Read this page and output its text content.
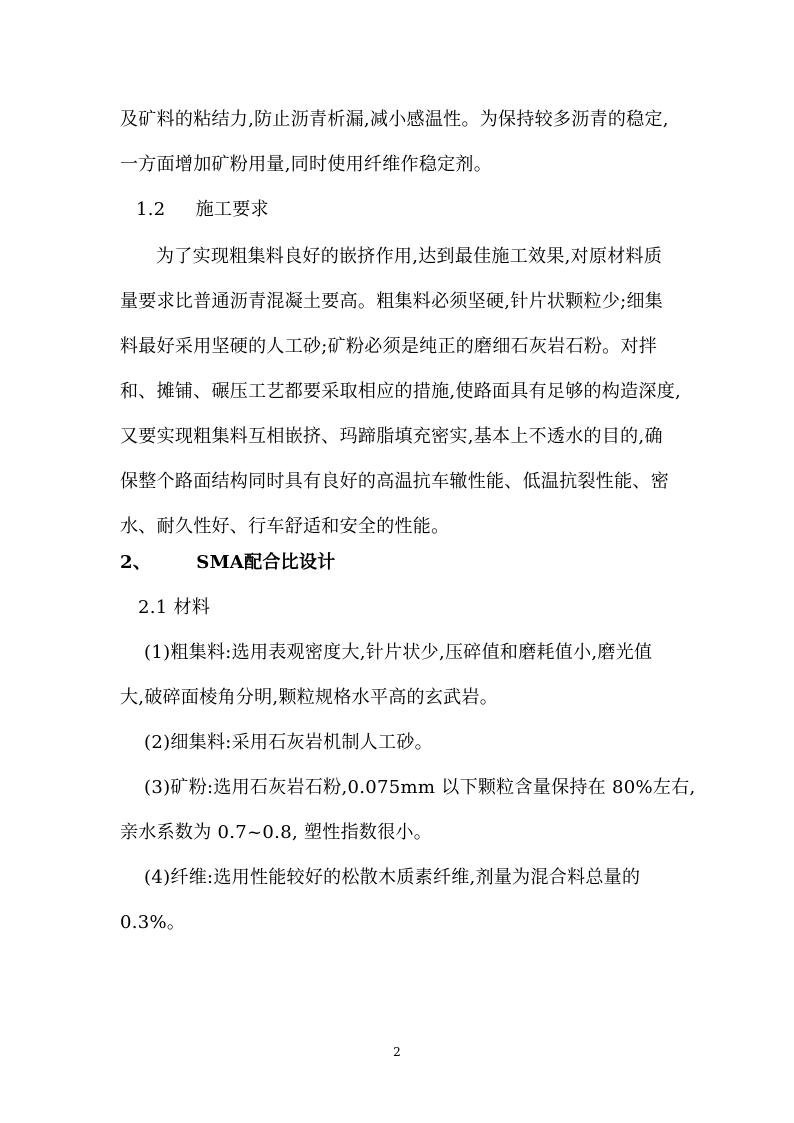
及矿料的粘结力,防止沥青析漏,减小感温性。为保持较多沥青的稳定,
一方面增加矿粉用量,同时使用纤维作稳定剂。
1.2 施工要求
为了实现粗集料良好的嵌挤作用,达到最佳施工效果,对原材料质
量要求比普通沥青混凝土要高。粗集料必须坚硬,针片状颗粒少;细集
料最好采用坚硬的人工砂;矿粉必须是纯正的磨细石灰岩石粉。对拌
和、摊铺、碾压工艺都要采取相应的措施,使路面具有足够的构造深度,
又要实现粗集料互相嵌挤、玛蹄脂填充密实,基本上不透水的目的,确
保整个路面结构同时具有良好的高温抗车辙性能、低温抗裂性能、密
水、耐久性好、行车舒适和安全的性能。
2、	SMA配合比设计
2.1 材料
(1)粗集料:选用表观密度大,针片状少,压碎值和磨耗值小,磨光值
大,破碎面棱角分明,颗粒规格水平高的玄武岩。
(2)细集料:采用石灰岩机制人工砂。
(3)矿粉:选用石灰岩石粉,0.075mm 以下颗粒含量保持在 80%左右,
亲水系数为 0.7~0.8, 塑性指数很小。
(4)纤维:选用性能较好的松散木质素纤维,剂量为混合料总量的
0.3%。
2
